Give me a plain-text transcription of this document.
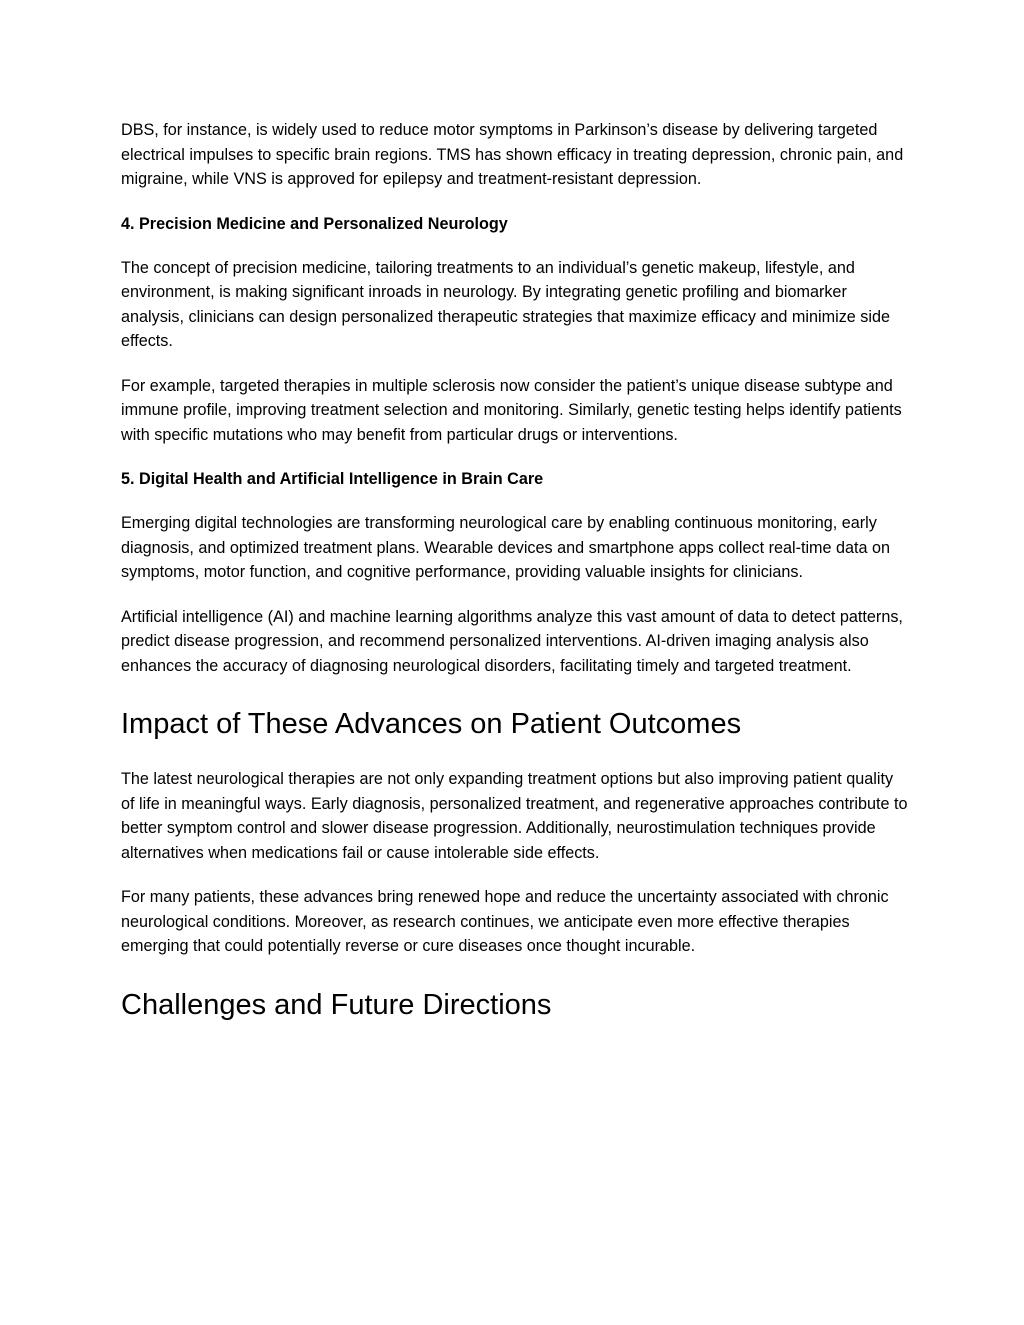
DBS, for instance, is widely used to reduce motor symptoms in Parkinson’s disease by delivering targeted electrical impulses to specific brain regions. TMS has shown efficacy in treating depression, chronic pain, and migraine, while VNS is approved for epilepsy and treatment-resistant depression.

4. Precision Medicine and Personalized Neurology

The concept of precision medicine, tailoring treatments to an individual’s genetic makeup, lifestyle, and environment, is making significant inroads in neurology. By integrating genetic profiling and biomarker analysis, clinicians can design personalized therapeutic strategies that maximize efficacy and minimize side effects.

For example, targeted therapies in multiple sclerosis now consider the patient’s unique disease subtype and immune profile, improving treatment selection and monitoring. Similarly, genetic testing helps identify patients with specific mutations who may benefit from particular drugs or interventions.

5. Digital Health and Artificial Intelligence in Brain Care

Emerging digital technologies are transforming neurological care by enabling continuous monitoring, early diagnosis, and optimized treatment plans. Wearable devices and smartphone apps collect real-time data on symptoms, motor function, and cognitive performance, providing valuable insights for clinicians.

Artificial intelligence (AI) and machine learning algorithms analyze this vast amount of data to detect patterns, predict disease progression, and recommend personalized interventions. AI-driven imaging analysis also enhances the accuracy of diagnosing neurological disorders, facilitating timely and targeted treatment.

Impact of These Advances on Patient Outcomes

The latest neurological therapies are not only expanding treatment options but also improving patient quality of life in meaningful ways. Early diagnosis, personalized treatment, and regenerative approaches contribute to better symptom control and slower disease progression. Additionally, neurostimulation techniques provide alternatives when medications fail or cause intolerable side effects.

For many patients, these advances bring renewed hope and reduce the uncertainty associated with chronic neurological conditions. Moreover, as research continues, we anticipate even more effective therapies emerging that could potentially reverse or cure diseases once thought incurable.

Challenges and Future Directions
